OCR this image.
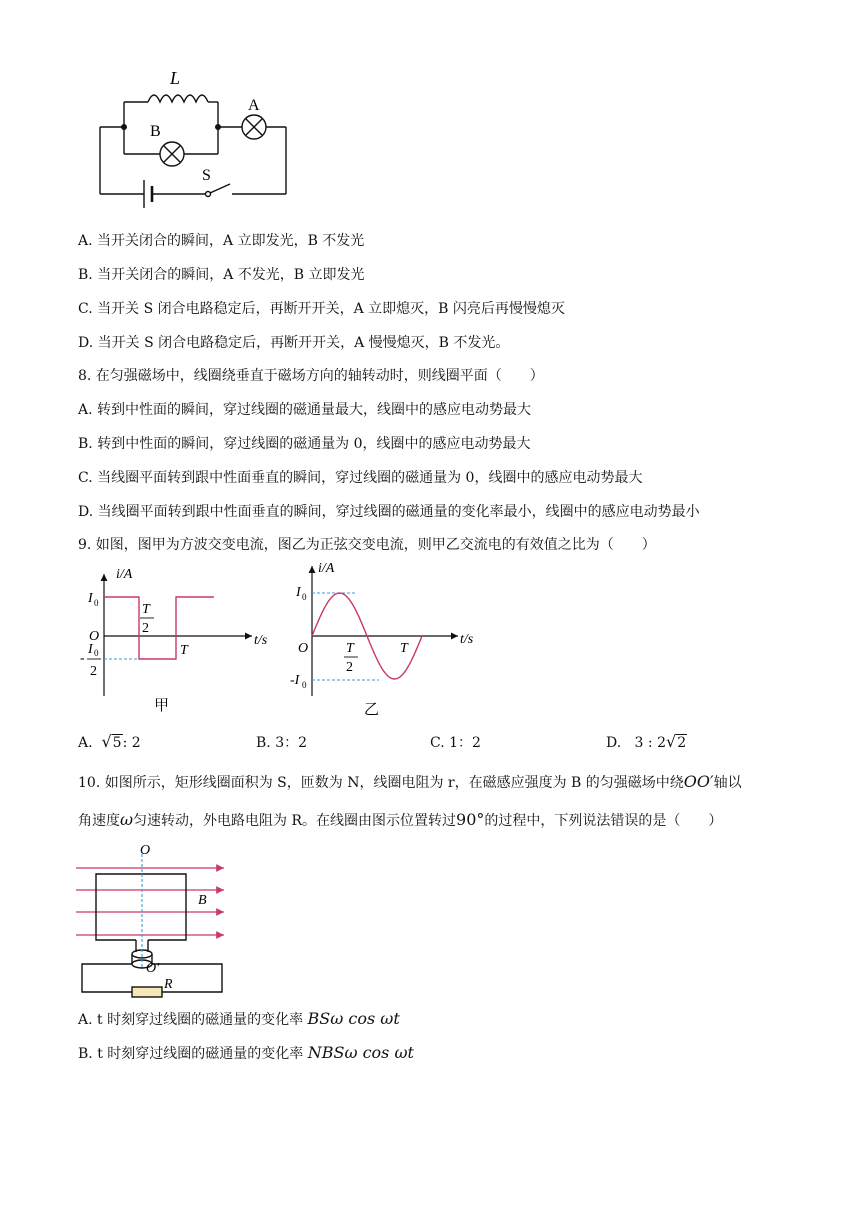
L
A
B
S
A. 当开关闭合的瞬间，A 立即发光，B 不发光
B. 当开关闭合的瞬间，A 不发光，B 立即发光
C. 当开关 S 闭合电路稳定后，再断开开关，A 立即熄灭，B 闪亮后再慢慢熄灭
D. 当开关 S 闭合电路稳定后，再断开开关，A 慢慢熄灭，B 不发光。
8. 在匀强磁场中，线圈绕垂直于磁场方向的轴转动时，则线圈平面（　　）
A. 转到中性面的瞬间，穿过线圈的磁通量最大，线圈中的感应电动势最大
B. 转到中性面的瞬间，穿过线圈的磁通量为 0，线圈中的感应电动势最大
C. 当线圈平面转到跟中性面垂直的瞬间，穿过线圈的磁通量为 0，线圈中的感应电动势最大
D. 当线圈平面转到跟中性面垂直的瞬间，穿过线圈的磁通量的变化率最小，线圈中的感应电动势最小
9. 如图，图甲为方波交变电流，图乙为正弦交变电流，则甲乙交流电的有效值之比为（　　）
i/A
t/s
O
I 0
-
I 0
2
T
2
T
甲
i/A
t/s
O
I 0
-I 0
T
2
T
乙
A. √5: 2	B. 3：2	C. 1：2	D. 3 : 2√2
10. 如图所示，矩形线圈面积为 S，匝数为 N，线圈电阻为 r，在磁感应强度为 B 的匀强磁场中绕OO′轴以
角速度ω匀速转动，外电路电阻为 R。在线圈由图示位置转过90°的过程中，下列说法错误的是（　　）
O
O′
B
R
A. t 时刻穿过线圈的磁通量的变化率 BSω cos ωt
B. t 时刻穿过线圈的磁通量的变化率 NBSω cos ωt
